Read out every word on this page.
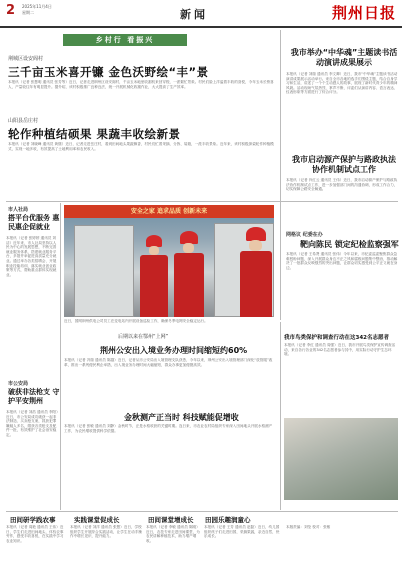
2 2025年11月4日
星期二	新闻	荆州日报
乡村行 看振兴
荆城区设安阁村
三千亩玉米喜开镰 金色沃野绘“丰”景
本报讯（记者 张慧明 通讯员 张芳等）近日，记者走进荆州区设安阁村，千亩玉米地里收割机来回穿梭，一派繁忙景象。村民们脸上洋溢着丰收的喜悦，今年玉米长势喜人，产量较往年有明显提升。据介绍，该村积极推广良种良法，统一开展机械化收割作业，大大提高了生产效率。
山阳县岳庄村
轮作种植结硕果 果蔬丰收绘新景
本报讯（记者 刘晓峰 通讯员 黄继）近日，记者走进岳庄村，看到田间地头果蔬飘香，村民们忙着采摘、分拣、装箱，一派丰收景象。近年来，该村积极探索轮作种植模式，实现一地多收，有效提高了土地利用率和农民收入。
我市举办“中华魂”主题读书活动演讲成果展示
本报讯（记者 刘瑞 通讯员 李文卿）近日，我市“中华魂”主题读书活动演讲成果展示活动举行。来自全市各地的选手们围绕主题，结合自身学习和生活，讲述了一个个生动感人的故事，展现了新时代青少年的精神风貌。活动现场气氛热烈，掌声不断，评委们从演讲内容、语言表达、仪表形象等方面进行了综合评分。
我市启动源产保护与路政执法协作机制试点工作
本报讯（记者 肖红云 通讯员 王伟）近日，我市启动源产保护与路政执法协作机制试点工作，进一步加强部门间的沟通协调，形成工作合力，切实保障公路安全畅通。
网格议 纪委在办
靶向陈民 锁定纪检监察强军
本报讯（记者 王希贤 通讯员 张伟）今年以来，市纪委监委聚焦群众急难愁盼问题，深入开展群众身边不正之风和腐败问题集中整治，推动解决了一批群众反映强烈的突出问题，让群众切实感受到公平正义就在身边。
市人社局
搭平台优服务 惠民惠企促就业
本报讯（记者 张婷婷 通讯员 刘洁）近年来，市人社局坚持以人民为中心的发展思想，不断完善就业服务体系，搭建就业服务平台，多措并举促进高质量充分就业。通过举办各类招聘会、开展职业技能培训、落实就业创业政策等方式，帮助重点群体实现就业。
市公安局
破获非法枪支 守护平安荆州
本报讯（记者 刘浩 通讯员 李阳）近日，市公安局成功破获一起非法制造、买卖枪支案，抓获犯罪嫌疑人多名，缴获各类枪支及配件一批，有效维护了社会治安稳定。
安全之家 追求品质 创新未来
近日，国网荆州供电公司员工在变电站内开展设备巡检工作，确保冬季电网安全稳定运行。
后期以来在鄂州“上网”
荆州公安出入境业务办理时间缩短约60%
本报讯（记者 冯瑞 通讯员 陈越）近日，记者从市公安局出入境管理支队获悉，今年以来，荆州公安出入境管理部门深化“放管服”改革，推出一系列便民利企举措，出入境业务办理时间大幅缩短，群众办事更加便捷高效。
金秋测产正当时 科技赋能促增收
本报讯（记者 张敏 通讯员 刘静）金秋时节，正是水稻收获的关键时期。连日来，市农业农村局组织专家深入田间地头开展水稻测产工作，为农民增收提供科学依据。
我市鸟类保护和调查行动在这342名志愿者
本报讯（记者 李红 通讯员 周强）近日，我市开展鸟类保护宣传调查活动，来自各行各业的342名志愿者参与其中，用实际行动守护生态环境。
田间研学践农事
本报讯（记者 周艳 通讯员 王伟）近日，学生们走进田间地头，体验农事劳作，感受丰收喜悦，在实践中学习农业知识。
实践课堂促成长
本报讯（记者 刘洋 通讯员 张慧）近日，学校组织学生开展综合实践活动，让学生在动手操作中增长见识、提升能力。
田间课堂增成长
本报讯（记者 李敏 通讯员 陈刚）近日，农技专家走进田间课堂，为农民讲解种植技术，助力增产增收。
田园乐趣润童心
本报讯（记者 王芳 通讯员 赵磊）近日，幼儿园组织孩子们走进田园，采摘果蔬，亲近自然，快乐成长。
本版责编：刘莹 校对：张敏
